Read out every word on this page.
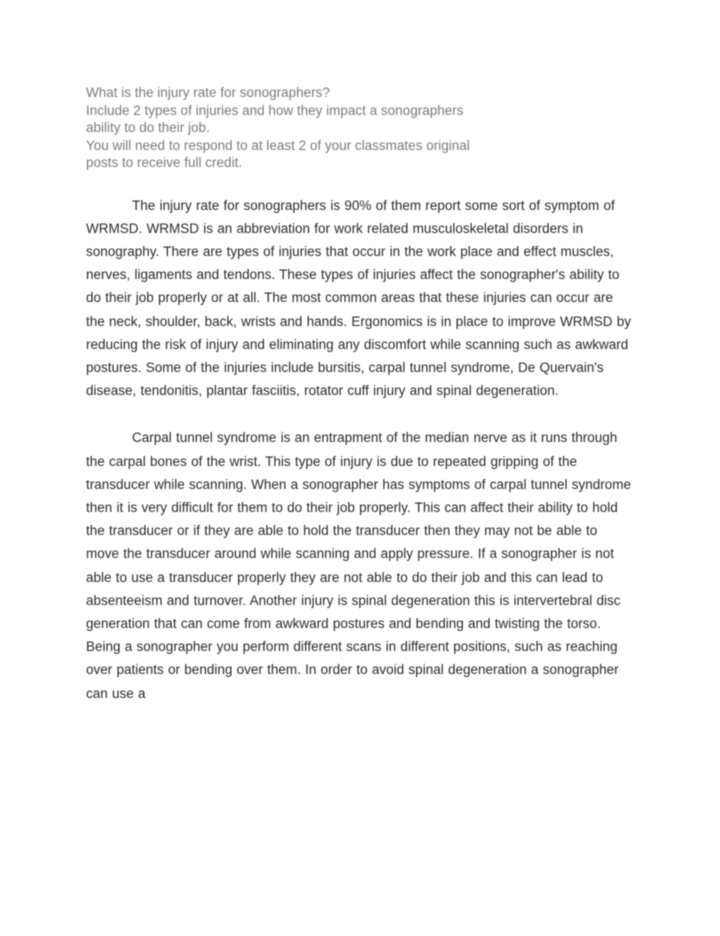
What is the injury rate for sonographers?
Include 2 types of injuries and how they impact a sonographers
ability to do their job.
You will need to respond to at least 2 of your classmates original
posts to receive full credit.

The injury rate for sonographers is 90% of them report some sort of symptom of WRMSD. WRMSD is an abbreviation for work related musculoskeletal disorders in sonography. There are types of injuries that occur in the work place and effect muscles, nerves, ligaments and tendons. These types of injuries affect the sonographer's ability to do their job properly or at all. The most common areas that these injuries can occur are the neck, shoulder, back, wrists and hands. Ergonomics is in place to improve WRMSD by reducing the risk of injury and eliminating any discomfort while scanning such as awkward postures. Some of the injuries include bursitis, carpal tunnel syndrome, De Quervain's disease, tendonitis, plantar fasciitis, rotator cuff injury and spinal degeneration.

Carpal tunnel syndrome is an entrapment of the median nerve as it runs through the carpal bones of the wrist. This type of injury is due to repeated gripping of the transducer while scanning. When a sonographer has symptoms of carpal tunnel syndrome then it is very difficult for them to do their job properly. This can affect their ability to hold the transducer or if they are able to hold the transducer then they may not be able to move the transducer around while scanning and apply pressure. If a sonographer is not able to use a transducer properly they are not able to do their job and this can lead to absenteeism and turnover. Another injury is spinal degeneration this is intervertebral disc generation that can come from awkward postures and bending and twisting the torso. Being a sonographer you perform different scans in different positions, such as reaching over patients or bending over them. In order to avoid spinal degeneration a sonographer can use a
